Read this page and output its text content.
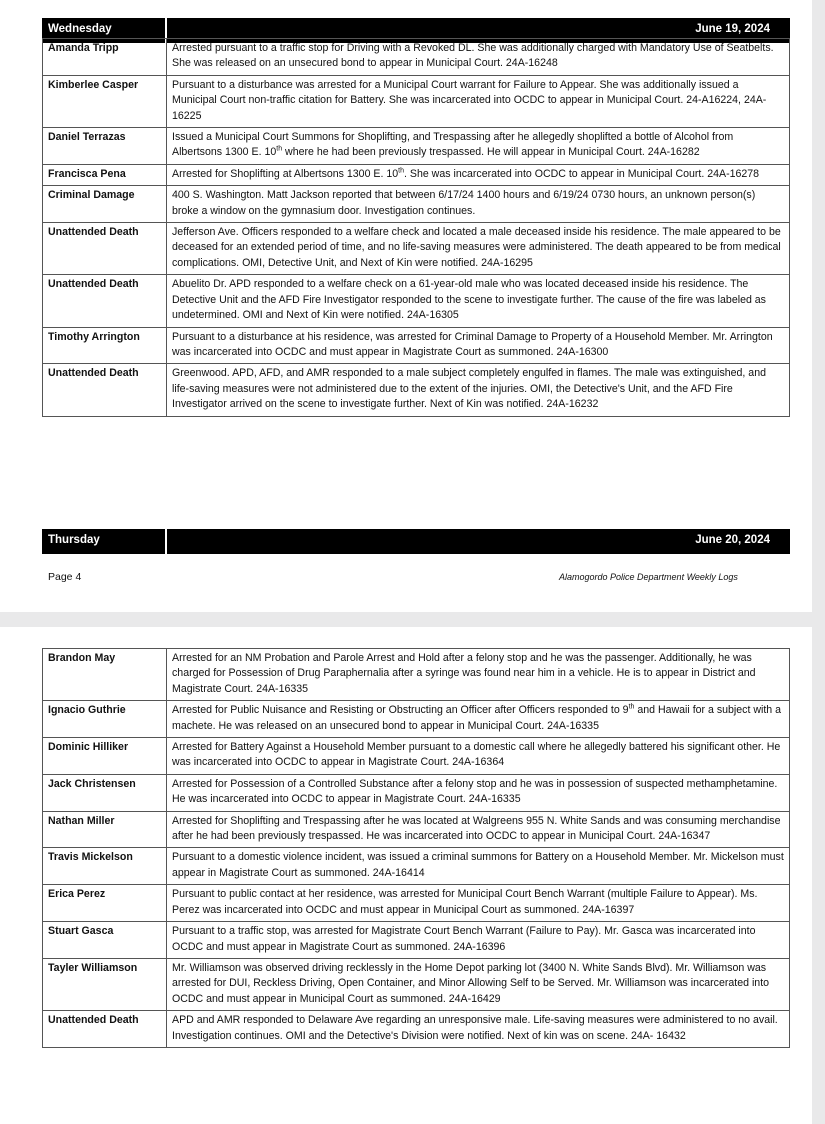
Wednesday	June 19, 2024
Amanda Tripp	Arrested pursuant to a traffic stop for Driving with a Revoked DL. She was additionally charged with Mandatory Use of Seatbelts. She was released on an unsecured bond to appear in Municipal Court. 24A-16248
Kimberlee Casper	Pursuant to a disturbance was arrested for a Municipal Court warrant for Failure to Appear. She was additionally issued a Municipal Court non-traffic citation for Battery. She was incarcerated into OCDC to appear in Municipal Court. 24-A16224, 24A-16225
Daniel Terrazas	Issued a Municipal Court Summons for Shoplifting, and Trespassing after he allegedly shoplifted a bottle of Alcohol from Albertsons 1300 E. 10th where he had been previously trespassed. He will appear in Municipal Court. 24A-16282
Francisca Pena	Arrested for Shoplifting at Albertsons 1300 E. 10th. She was incarcerated into OCDC to appear in Municipal Court. 24A-16278
Criminal Damage	400 S. Washington. Matt Jackson reported that between 6/17/24 1400 hours and 6/19/24 0730 hours, an unknown person(s) broke a window on the gymnasium door. Investigation continues.
Unattended Death	Jefferson Ave. Officers responded to a welfare check and located a male deceased inside his residence. The male appeared to be deceased for an extended period of time, and no life-saving measures were administered. The death appeared to be from medical complications. OMI, Detective Unit, and Next of Kin were notified. 24A-16295
Unattended Death	Abuelito Dr. APD responded to a welfare check on a 61-year-old male who was located deceased inside his residence. The Detective Unit and the AFD Fire Investigator responded to the scene to investigate further. The cause of the fire was labeled as undetermined. OMI and Next of Kin were notified. 24A-16305
Timothy Arrington	Pursuant to a disturbance at his residence, was arrested for Criminal Damage to Property of a Household Member. Mr. Arrington was incarcerated into OCDC and must appear in Magistrate Court as summoned. 24A-16300
Unattended Death	Greenwood. APD, AFD, and AMR responded to a male subject completely engulfed in flames. The male was extinguished, and life-saving measures were not administered due to the extent of the injuries. OMI, the Detective's Unit, and the AFD Fire Investigator arrived on the scene to investigate further. Next of Kin was notified. 24A-16232
Thursday	June 20, 2024
Page 4	Alamogordo Police Department Weekly Logs
Brandon May	Arrested for an NM Probation and Parole Arrest and Hold after a felony stop and he was the passenger. Additionally, he was charged for Possession of Drug Paraphernalia after a syringe was found near him in a vehicle. He is to appear in District and Magistrate Court. 24A-16335
Ignacio Guthrie	Arrested for Public Nuisance and Resisting or Obstructing an Officer after Officers responded to 9th and Hawaii for a subject with a machete. He was released on an unsecured bond to appear in Municipal Court. 24A-16335
Dominic Hilliker	Arrested for Battery Against a Household Member pursuant to a domestic call where he allegedly battered his significant other. He was incarcerated into OCDC to appear in Magistrate Court. 24A-16364
Jack Christensen	Arrested for Possession of a Controlled Substance after a felony stop and he was in possession of suspected methamphetamine. He was incarcerated into OCDC to appear in Magistrate Court. 24A-16335
Nathan Miller	Arrested for Shoplifting and Trespassing after he was located at Walgreens 955 N. White Sands and was consuming merchandise after he had been previously trespassed. He was incarcerated into OCDC to appear in Municipal Court. 24A-16347
Travis Mickelson	Pursuant to a domestic violence incident, was issued a criminal summons for Battery on a Household Member. Mr. Mickelson must appear in Magistrate Court as summoned. 24A-16414
Erica Perez	Pursuant to public contact at her residence, was arrested for Municipal Court Bench Warrant (multiple Failure to Appear). Ms. Perez was incarcerated into OCDC and must appear in Municipal Court as summoned. 24A-16397
Stuart Gasca	Pursuant to a traffic stop, was arrested for Magistrate Court Bench Warrant (Failure to Pay). Mr. Gasca was incarcerated into OCDC and must appear in Magistrate Court as summoned. 24A-16396
Tayler Williamson	Mr. Williamson was observed driving recklessly in the Home Depot parking lot (3400 N. White Sands Blvd). Mr. Williamson was arrested for DUI, Reckless Driving, Open Container, and Minor Allowing Self to be Served. Mr. Williamson was incarcerated into OCDC and must appear in Municipal Court as summoned. 24A-16429
Unattended Death	APD and AMR responded to Delaware Ave regarding an unresponsive male. Life-saving measures were administered to no avail. Investigation continues. OMI and the Detective's Division were notified. Next of kin was on scene. 24A- 16432
